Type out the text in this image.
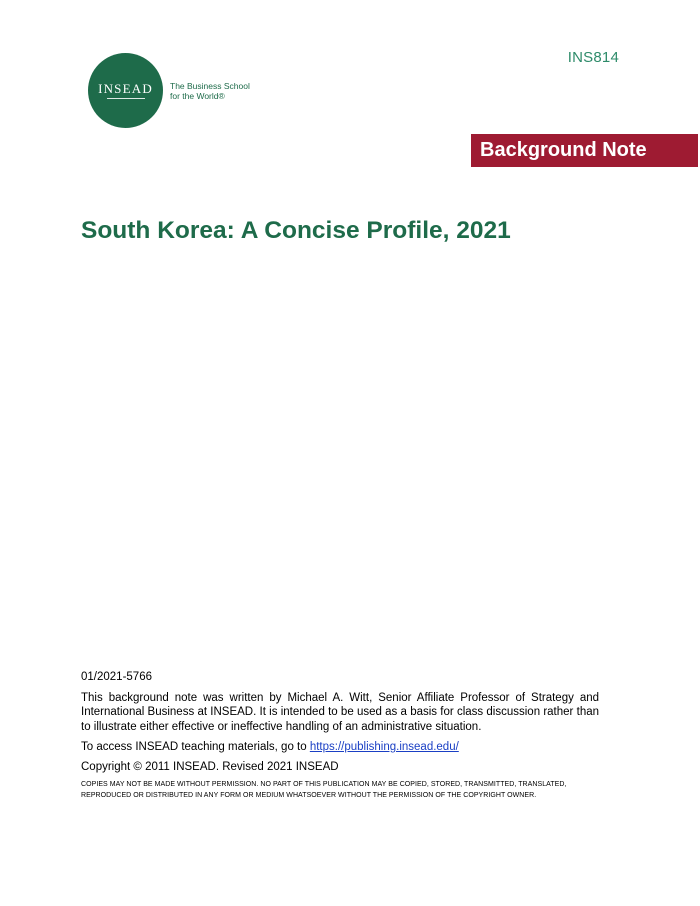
INS814
INSEAD The Business School
for the World®
Background Note
South Korea: A Concise Profile, 2021

01/2021-5766

This background note was written by Michael A. Witt, Senior Affiliate Professor of Strategy and International Business at INSEAD. It is intended to be used as a basis for class discussion rather than to illustrate either effective or ineffective handling of an administrative situation.

To access INSEAD teaching materials, go to https://publishing.insead.edu/

Copyright © 2011 INSEAD. Revised 2021 INSEAD

COPIES MAY NOT BE MADE WITHOUT PERMISSION. NO PART OF THIS PUBLICATION MAY BE COPIED, STORED, TRANSMITTED, TRANSLATED, REPRODUCED OR DISTRIBUTED IN ANY FORM OR MEDIUM WHATSOEVER WITHOUT THE PERMISSION OF THE COPYRIGHT OWNER.
